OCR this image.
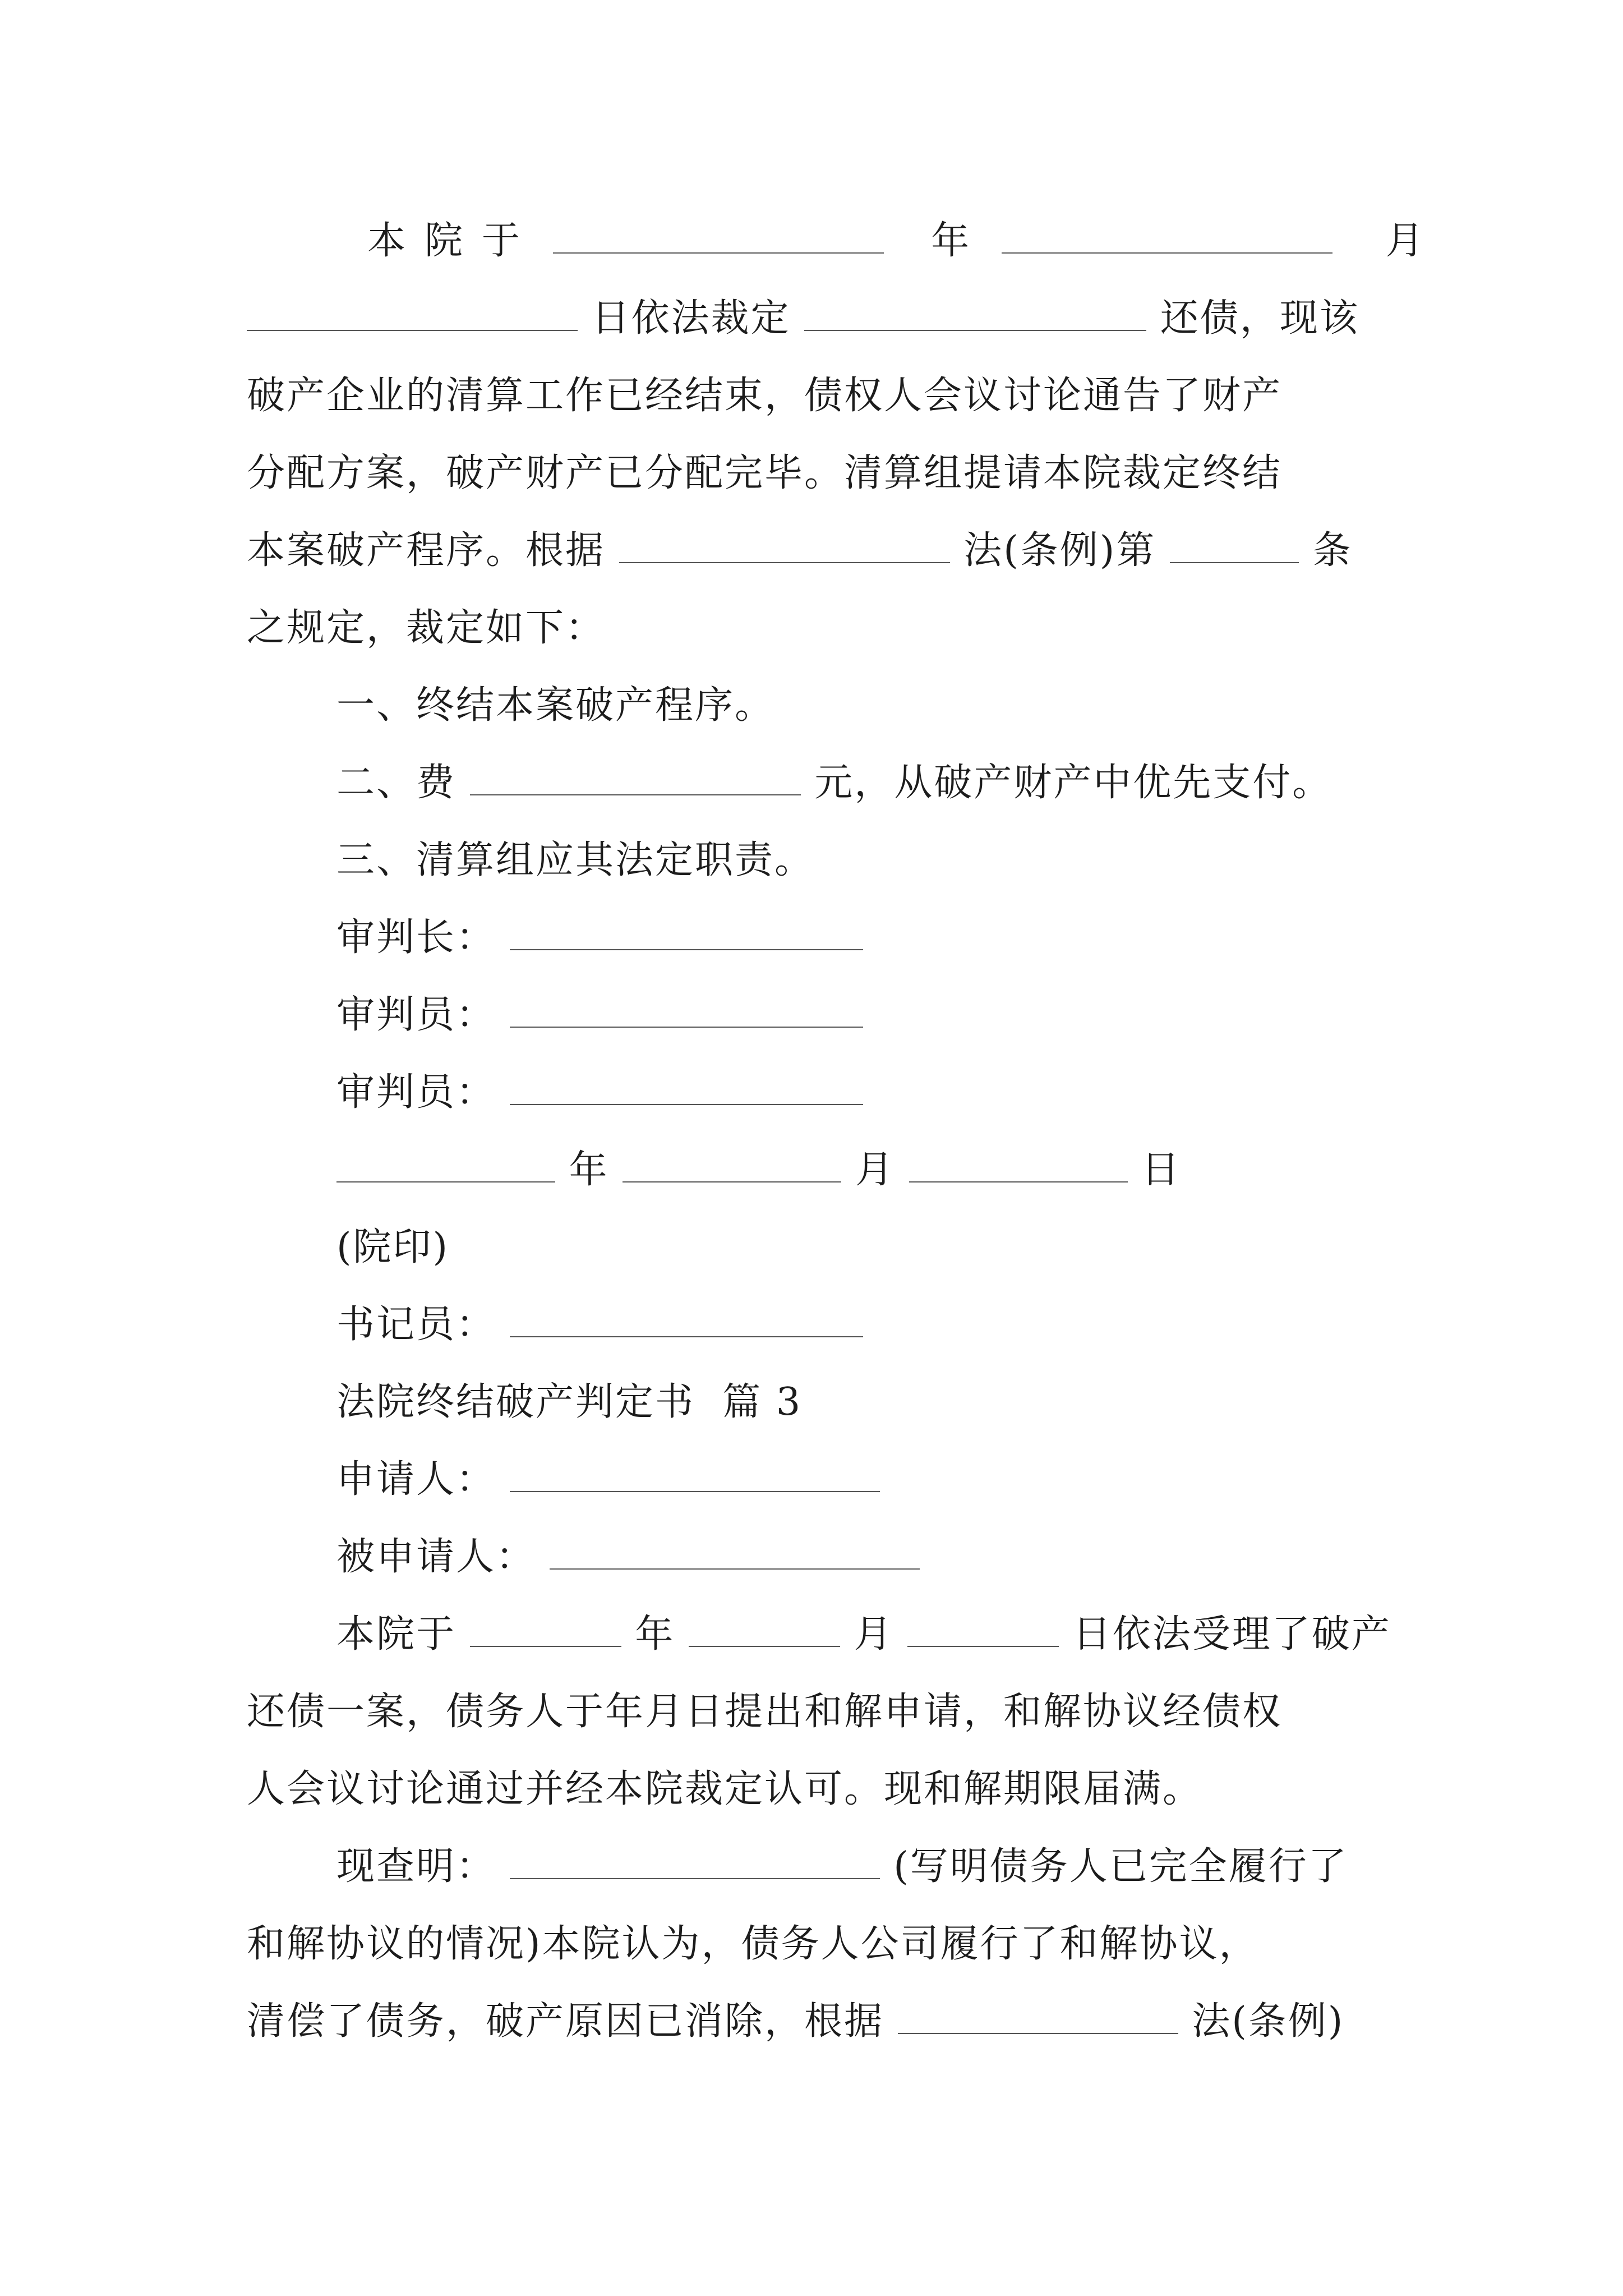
本院于	年	月
日依法裁定	还债，现该
破产企业的清算工作已经结束，债权人会议讨论通告了财产
分配方案，破产财产已分配完毕。清算组提请本院裁定终结
本案破产程序。根据	法(条例)第	条
之规定，裁定如下：
一、终结本案破产程序。
二、费	元，从破产财产中优先支付。
三、清算组应其法定职责。
审判长：
审判员：
审判员：
年	月	日
(院印)
书记员：
法院终结破产判定书  篇 3
申请人：
被申请人：
本院于	年	月	日依法受理了破产
还债一案，债务人于年月日提出和解申请，和解协议经债权
人会议讨论通过并经本院裁定认可。现和解期限届满。
现查明：	(写明债务人已完全履行了
和解协议的情况)本院认为，债务人公司履行了和解协议，
清偿了债务，破产原因已消除，根据	法(条例)
